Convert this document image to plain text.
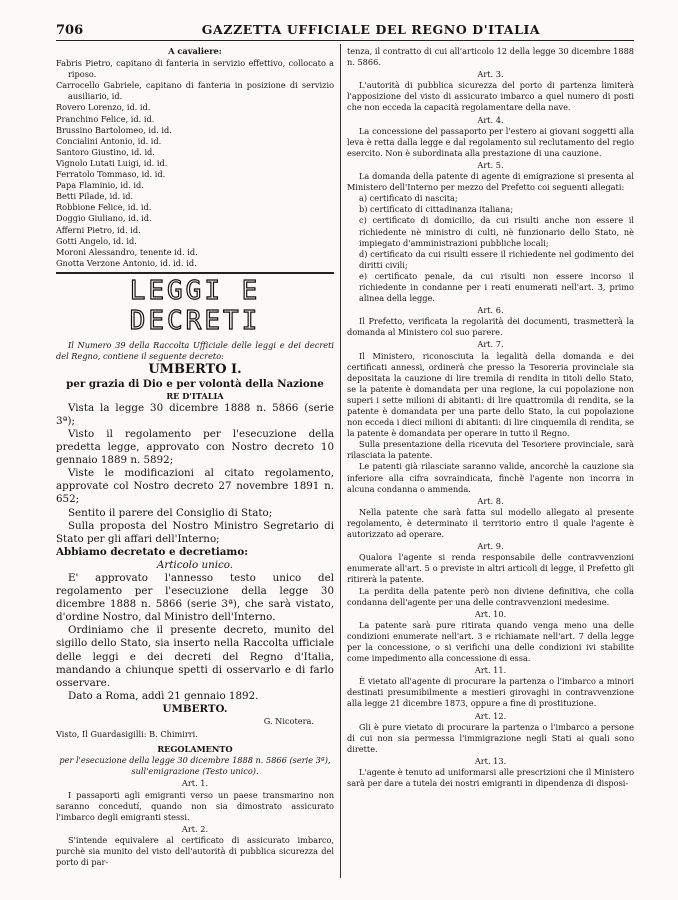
706	GAZZETTA UFFICIALE DEL REGNO D'ITALIA

A cavaliere:

Fabris Pietro, capitano di fanteria in servizio effettivo, collocato a riposo.

Carrocello Gabriele, capitano di fanteria in posizione di servizio ausiliario, id.

Rovero Lorenzo, id. id.

Pranchino Felice, id. id.

Brussino Bartolomeo, id. id.

Concialini Antonio, id. id.

Santoro Giustino, id. id.

Vignolo Lutati Luigi, id. id.

Ferratolo Tommaso, id. id.

Papa Flaminio, id. id.

Betti Pilade, id. id.

Robbione Felice, id. id.

Doggio Giuliano, id. id.

Afferni Pietro, id. id.

Gotti Angelo, id. id.

Moroni Alessandro, tenente id. id.

Gnotta Verzone Antonio, id. id. id.

LEGGI E DECRETI

Il Numero 39 della Raccolta Ufficiale delle leggi e dei decreti del Regno, contiene il seguente decreto:

UMBERTO I.

per grazia di Dio e per volontà della Nazione

RE D'ITALIA

Vista la legge 30 dicembre 1888 n. 5866 (serie 3ª);

Visto il regolamento per l'esecuzione della predetta legge, approvato con Nostro decreto 10 gennaio 1889 n. 5892;

Viste le modificazioni al citato regolamento, approvate col Nostro decreto 27 novembre 1891 n. 652;

Sentito il parere del Consiglio di Stato;

Sulla proposta del Nostro Ministro Segretario di Stato per gli affari dell'Interno;

Abbiamo decretato e decretiamo:

Articolo unico.

E' approvato l'annesso testo unico del regolamento per l'esecuzione della legge 30 dicembre 1888 n. 5866 (serie 3ª), che sarà vistato, d'ordine Nostro, dal Ministro dell'Interno.

Ordiniamo che il presente decreto, munito del sigillo dello Stato, sia inserto nella Raccolta ufficiale delle leggi e dei decreti del Regno d'Italia, mandando a chiunque spetti di osservarlo e di farlo osservare.

Dato a Roma, addì 21 gennaio 1892.

UMBERTO.

G. Nicotera.

Visto, Il Guardasigilli: B. Chimirri.

REGOLAMENTO

per l'esecuzione della legge 30 dicembre 1888 n. 5866 (serie 3ª), sull'emigrazione (Testo unico).

Art. 1.

I passaporti agli emigranti verso un paese transmarino non saranno concedutí, quando non sia dimostrato assicurato l'imbarco degli emigranti stessi.

Art. 2.

S'intende equivalere al certificato di assicurato imbarco, purchè sia munito del visto dell'autorità di pubblica sicurezza del porto di par-

tenza, il contratto di cui all'articolo 12 della legge 30 dicembre 1888 n. 5866.

Art. 3.

L'autorità di pubblica sicurezza del porto di partenza limiterà l'apposizione del visto di assicurato imbarco a quel numero di posti che non ecceda la capacità regolamentare della nave.

Art. 4.

La concessione del passaporto per l'estero ai giovani soggetti alla leva è retta dalla legge e dal regolamento sul reclutamento del regio esercito. Non è subordinata alla prestazione di una cauzione.

Art. 5.

La domanda della patente di agente di emigrazione si presenta al Ministero dell'Interno per mezzo del Prefetto coi seguenti allegati:

a) certificato di nascita;

b) certificato di cittadinanza italiana;

c) certificato di domicilio, da cui risulti anche non essere il richiedente nè ministro di culti, nè funzionario dello Stato, nè impiegato d'amministrazioni pubbliche locali;

d) certificato da cui risulti essere il richiedente nel godimento dei diritti civili;

e) certificato penale, da cui risulti non essere incorso il richiedente in condanne per i reati enumerati nell'art. 3, primo alinea della legge.

Art. 6.

Il Prefetto, verificata la regolarità dei documenti, trasmetterà la domanda al Ministero col suo parere.

Art. 7.

Il Ministero, riconosciuta la legalità della domanda e dei certificati annessi, ordinerà che presso la Tesoreria provinciale sia depositata la cauzione di lire tremila di rendita in titoli dello Stato, se la patente è domandata per una regione, la cui popolazione non superi i sette milioni di abitanti: di lire quattromila di rendita, se la patente è domandata per una parte dello Stato, la cui popolazione non ecceda i dieci milioni di abitanti: di lire cinquemila di rendita, se la patente è domandata per operare in tutto il Regno.

Sulla presentazione della ricevuta del Tesoriere provinciale, sarà rilasciata la patente.

Le patenti già rilasciate saranno valide, ancorchè la cauzione sia inferiore alla cifra sovraindicata, finchè l'agente non incorra in alcuna condanna o ammenda.

Art. 8.

Nella patente che sarà fatta sul modello allegato al presente regolamento, è determinato il territorio entro il quale l'agente è autorizzato ad operare.

Art. 9.

Qualora l'agente si renda responsabile delle contravvenzioni enumerate all'art. 5 o previste in altri articoli di legge, il Prefetto gli ritirerà la patente.

La perdita della patente però non diviene definitiva, che colla condanna dell'agente per una delle contravvenzioni medesime.

Art. 10.

La patente sarà pure ritirata quando venga meno una delle condizioni enumerate nell'art. 3 e richiamate nell'art. 7 della legge per la concessione, o si verifichi una delle condizioni ivi stabilite come impedimento alla concessione di essa.

Art. 11.

È vietato all'agente di procurare la partenza o l'imbarco a minori destinati presumibilmente a mestieri girovaghi in contravvenzione alla legge 21 dicembre 1873, oppure a fine di prostituzione.

Art. 12.

Gli è pure vietato di procurare la partenza o l'imbarco a persone di cui non sia permessa l'immigrazione negli Stati ai quali sono dirette.

Art. 13.

L'agente è tenuto ad uniformarsi alle prescrizioni che il Ministero sarà per dare a tutela dei nostri emigranti in dipendenza di disposi-
